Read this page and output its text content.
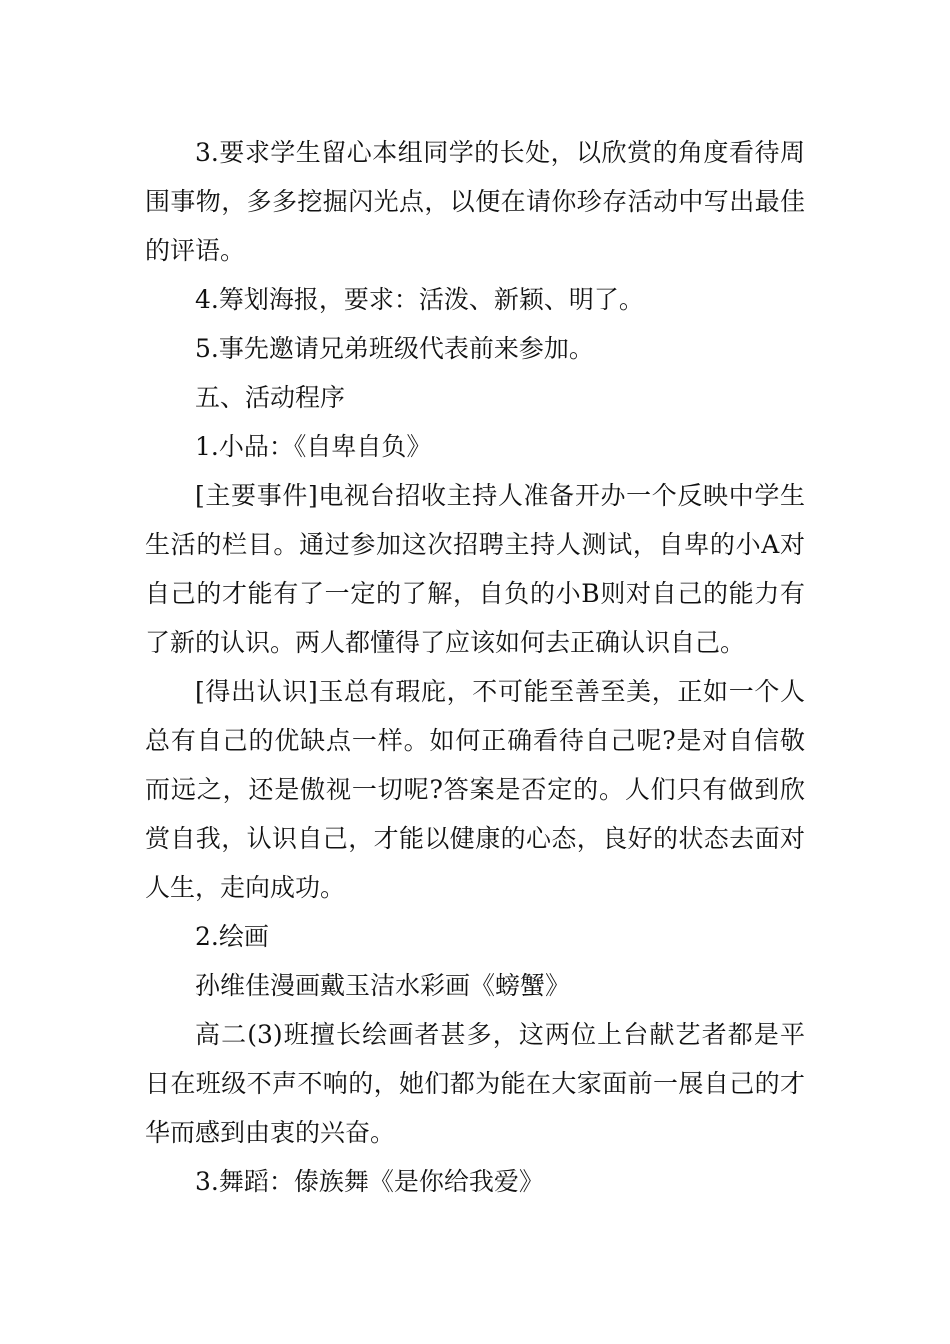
3.要求学生留心本组同学的长处，以欣赏的角度看待周围事物，多多挖掘闪光点，以便在请你珍存活动中写出最佳的评语。

4.筹划海报，要求：活泼、新颖、明了。

5.事先邀请兄弟班级代表前来参加。

五、活动程序

1.小品：《自卑自负》

[主要事件]电视台招收主持人准备开办一个反映中学生生活的栏目。通过参加这次招聘主持人测试，自卑的小A对自己的才能有了一定的了解，自负的小B则对自己的能力有了新的认识。两人都懂得了应该如何去正确认识自己。

[得出认识]玉总有瑕庇，不可能至善至美，正如一个人总有自己的优缺点一样。如何正确看待自己呢?是对自信敬而远之，还是傲视一切呢?答案是否定的。人们只有做到欣赏自我，认识自己，才能以健康的心态，良好的状态去面对人生，走向成功。

2.绘画

孙维佳漫画戴玉洁水彩画《螃蟹》

高二(3)班擅长绘画者甚多，这两位上台献艺者都是平日在班级不声不响的，她们都为能在大家面前一展自己的才华而感到由衷的兴奋。

3.舞蹈：傣族舞《是你给我爱》
